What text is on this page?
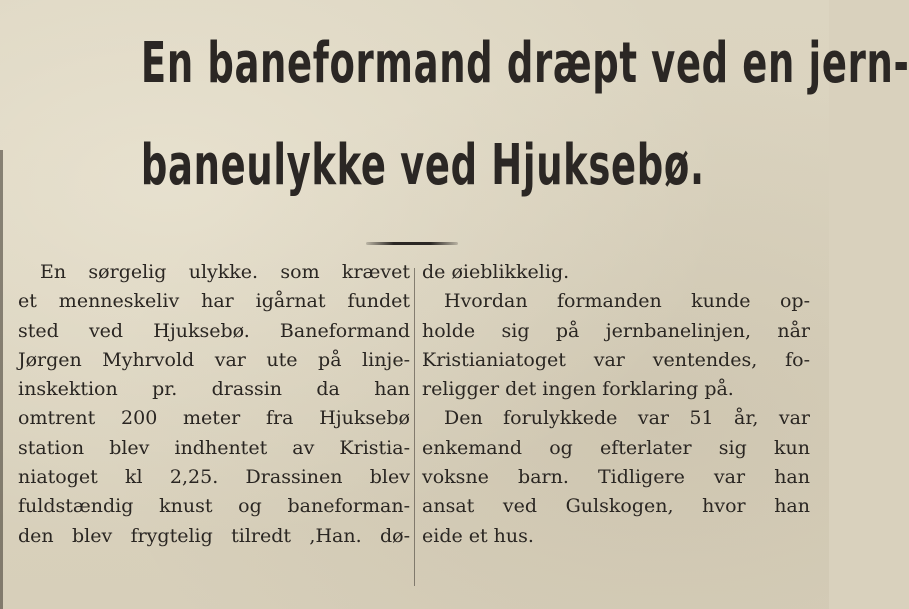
En baneformand dræpt ved en jern-
baneulykke ved Hjuksebø.
En sørgelig ulykke. som krævet
et menneskeliv har igårnat fundet
sted ved Hjuksebø. Baneformand
Jørgen Myhrvold var ute på linje-
inskektion pr. drassin da han
omtrent 200 meter fra Hjuksebø
station blev indhentet av Kristia-
niatoget kl 2,25. Drassinen blev
fuldstændig knust og baneforman-
den blev frygtelig tilredt ,Han. dø-
de øieblikkelig.
Hvordan formanden kunde op-
holde sig på jernbanelinjen, når
Kristianiatoget var ventendes, fo-
religger det ingen forklaring på.
Den forulykkede var 51 år, var
enkemand og efterlater sig kun
voksne barn. Tidligere var han
ansat ved Gulskogen, hvor han
eide et hus.
